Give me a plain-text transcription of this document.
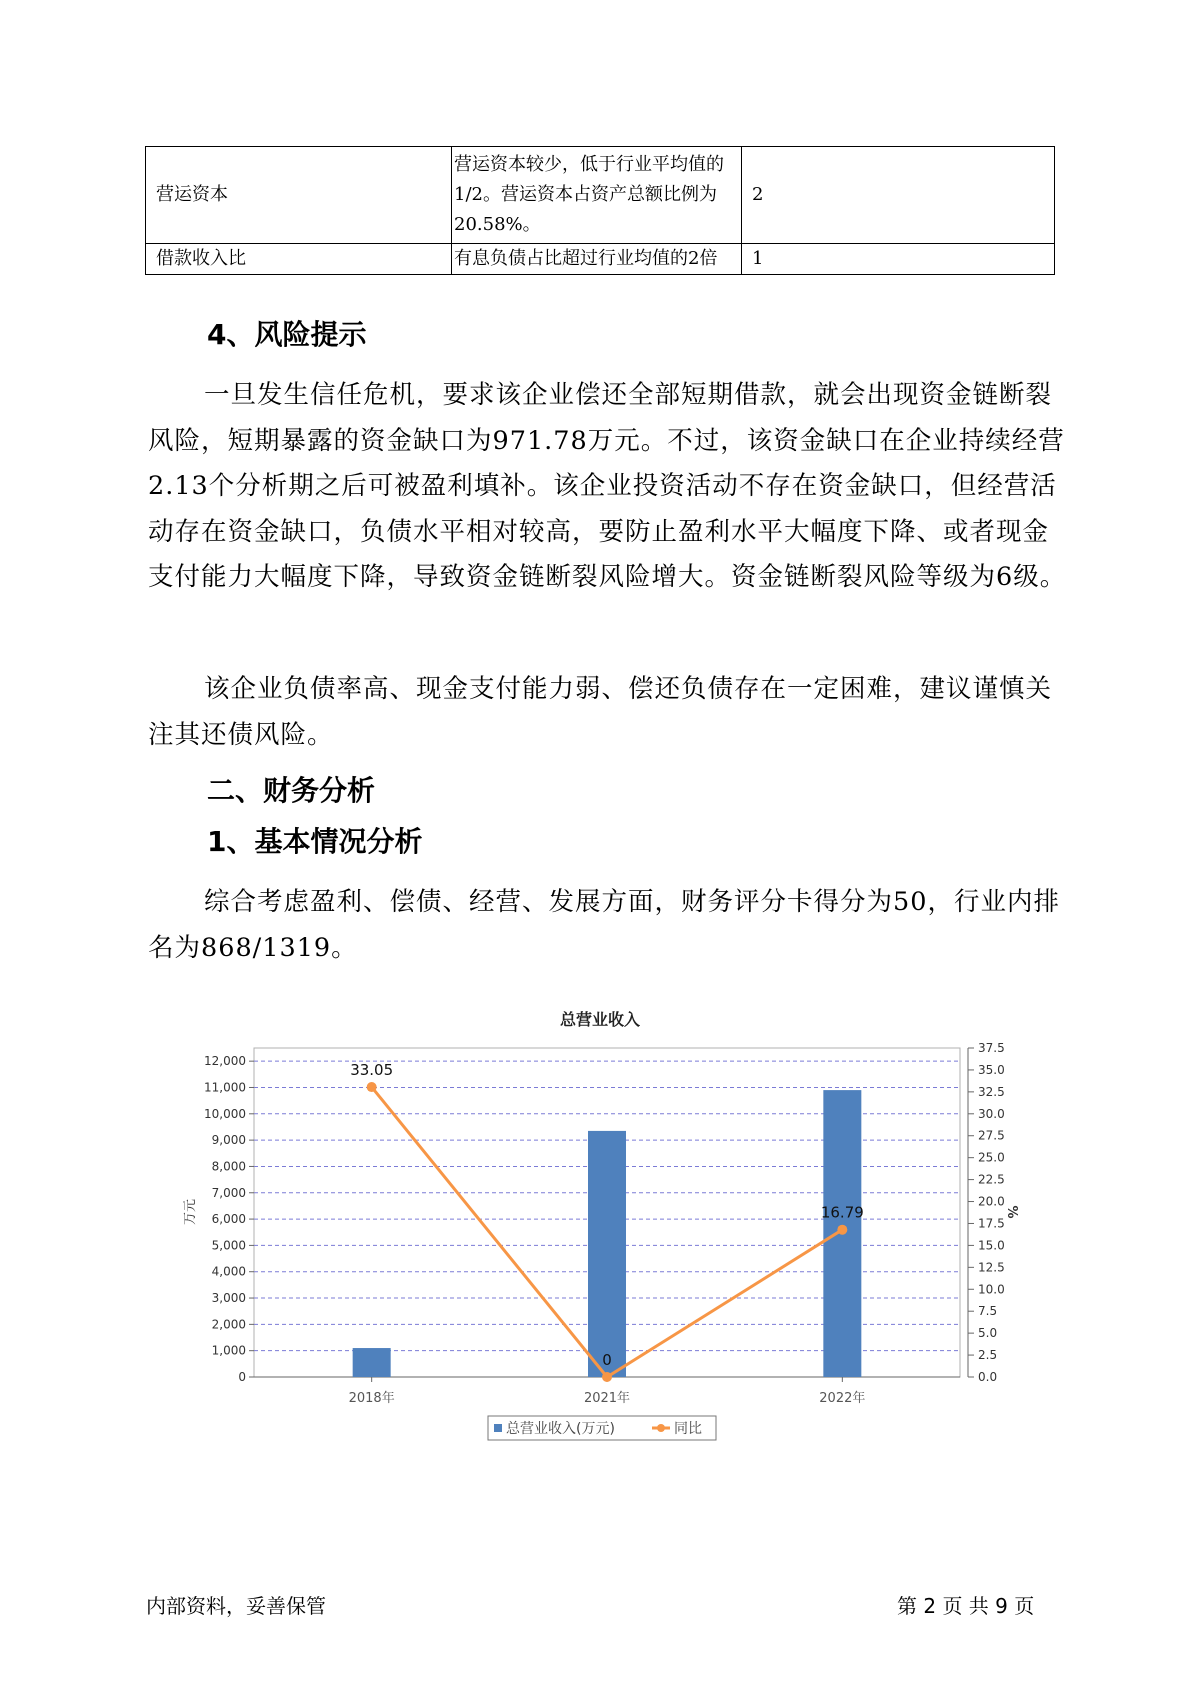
营运资本	营运资本较少，低于行业平均值的1/2。营运资本占资产总额比例为20.58%。	2
借款收入比	有息负债占比超过行业均值的2倍	1
4、风险提示

一旦发生信任危机，要求该企业偿还全部短期借款，就会出现资金链断裂风险，短期暴露的资金缺口为971.78万元。不过，该资金缺口在企业持续经营 2.13个分析期之后可被盈利填补。该企业投资活动不存在资金缺口，但经营活动存在资金缺口，负债水平相对较高，要防止盈利水平大幅度下降、或者现金支付能力大幅度下降，导致资金链断裂风险增大。资金链断裂风险等级为6级。

该企业负债率高、现金支付能力弱、偿还负债存在一定困难，建议谨慎关注其还债风险。

二、财务分析
1、基本情况分析

综合考虑盈利、偿债、经营、发展方面，财务评分卡得分为50，行业内排名为868/1319。

总营业收入
0
1,000
2,000
3,000
4,000
5,000
6,000
7,000
8,000
9,000
10,000
11,000
12,000
0.0
2.5
5.0
7.5
10.0
12.5
15.0
17.5
20.0
22.5
25.0
27.5
30.0
32.5
35.0
37.5
万元	%
2018年	2021年	2022年
33.05
0
16.79
总营业收入(万元)	同比
内部资料，妥善保管	第 2 页 共 9 页
